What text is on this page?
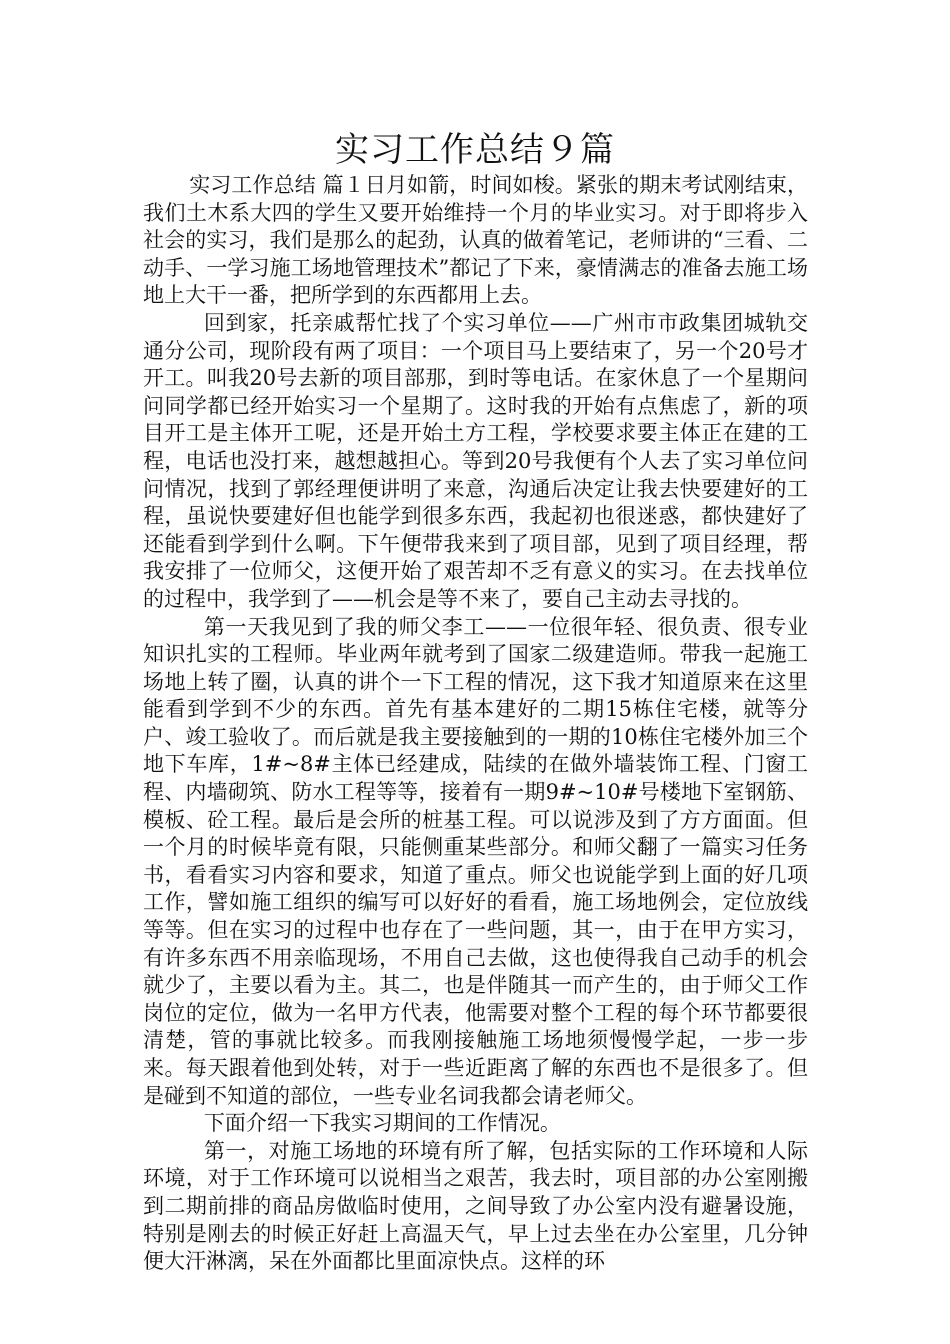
实习工作总结９篇

实习工作总结 篇１日月如箭，时间如梭。紧张的期末考试刚结束，我们土木系大四的学生又要开始维持一个月的毕业实习。对于即将步入社会的实习，我们是那么的起劲，认真的做着笔记，老师讲的“三看、二动手、一学习施工场地管理技术”都记了下来，豪情满志的准备去施工场地上大干一番，把所学到的东西都用上去。

回到家，托亲戚帮忙找了个实习单位——广州市市政集团城轨交通分公司，现阶段有两了项目：一个项目马上要结束了，另一个20号才开工。叫我20号去新的项目部那，到时等电话。在家休息了一个星期问问同学都已经开始实习一个星期了。这时我的开始有点焦虑了，新的项目开工是主体开工呢，还是开始土方工程，学校要求要主体正在建的工程，电话也没打来，越想越担心。等到20号我便有个人去了实习单位问问情况，找到了郭经理便讲明了来意，沟通后决定让我去快要建好的工程，虽说快要建好但也能学到很多东西，我起初也很迷惑，都快建好了还能看到学到什么啊。下午便带我来到了项目部，见到了项目经理，帮我安排了一位师父，这便开始了艰苦却不乏有意义的实习。在去找单位的过程中，我学到了——机会是等不来了，要自己主动去寻找的。

第一天我见到了我的师父李工——一位很年轻、很负责、很专业知识扎实的工程师。毕业两年就考到了国家二级建造师。带我一起施工场地上转了圈，认真的讲个一下工程的情况，这下我才知道原来在这里能看到学到不少的东西。首先有基本建好的二期15栋住宅楼，就等分户、竣工验收了。而后就是我主要接触到的一期的10栋住宅楼外加三个地下车库，1#~8#主体已经建成，陆续的在做外墙装饰工程、门窗工程、内墙砌筑、防水工程等等，接着有一期9#~10#号楼地下室钢筋、模板、砼工程。最后是会所的桩基工程。可以说涉及到了方方面面。但一个月的时候毕竟有限，只能侧重某些部分。和师父翻了一篇实习任务书，看看实习内容和要求，知道了重点。师父也说能学到上面的好几项工作，譬如施工组织的编写可以好好的看看，施工场地例会，定位放线等等。但在实习的过程中也存在了一些问题，其一，由于在甲方实习，有许多东西不用亲临现场，不用自己去做，这也使得我自己动手的机会就少了，主要以看为主。其二，也是伴随其一而产生的，由于师父工作岗位的定位，做为一名甲方代表，他需要对整个工程的每个环节都要很清楚，管的事就比较多。而我刚接触施工场地须慢慢学起，一步一步来。每天跟着他到处转，对于一些近距离了解的东西也不是很多了。但是碰到不知道的部位，一些专业名词我都会请老师父。

下面介绍一下我实习期间的工作情况。

第一，对施工场地的环境有所了解，包括实际的工作环境和人际环境，对于工作环境可以说相当之艰苦，我去时，项目部的办公室刚搬到二期前排的商品房做临时使用，之间导致了办公室内没有避暑设施，特别是刚去的时候正好赶上高温天气，早上过去坐在办公室里，几分钟便大汗淋漓，呆在外面都比里面凉快点。这样的环
